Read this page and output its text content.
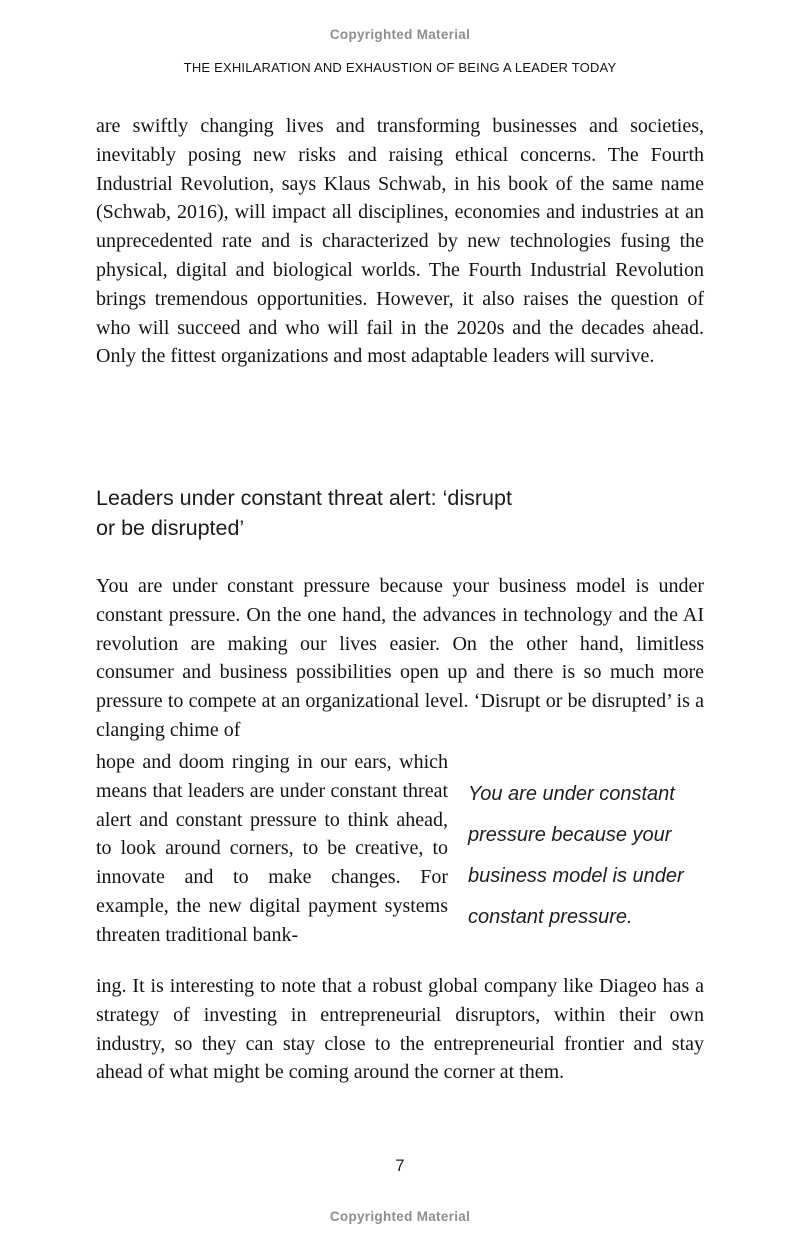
Copyrighted Material
THE EXHILARATION AND EXHAUSTION OF BEING A LEADER TODAY
are swiftly changing lives and transforming businesses and societies, inevitably posing new risks and raising ethical concerns. The Fourth Industrial Revolution, says Klaus Schwab, in his book of the same name (Schwab, 2016), will impact all disciplines, economies and industries at an unprecedented rate and is characterized by new technologies fusing the physical, digital and biological worlds. The Fourth Industrial Revolution brings tremendous opportunities. However, it also raises the question of who will succeed and who will fail in the 2020s and the decades ahead. Only the fittest organizations and most adaptable leaders will survive.
Leaders under constant threat alert: ‘disrupt
or be disrupted’
You are under constant pressure because your business model is under constant pressure. On the one hand, the advances in technology and the AI revolution are making our lives easier. On the other hand, limitless consumer and business possibilities open up and there is so much more pressure to compete at an organizational level. ‘Disrupt or be disrupted’ is a clanging chime of
hope and doom ringing in our ears, which means that leaders are under constant threat alert and constant pressure to think ahead, to look around corners, to be creative, to innovate and to make changes. For example, the new digital payment systems threaten traditional bank-
You are under constant pressure because your business model is under constant pressure.
ing. It is interesting to note that a robust global company like Diageo has a strategy of investing in entrepreneurial disruptors, within their own industry, so they can stay close to the entrepreneurial frontier and stay ahead of what might be coming around the corner at them.
7
Copyrighted Material
